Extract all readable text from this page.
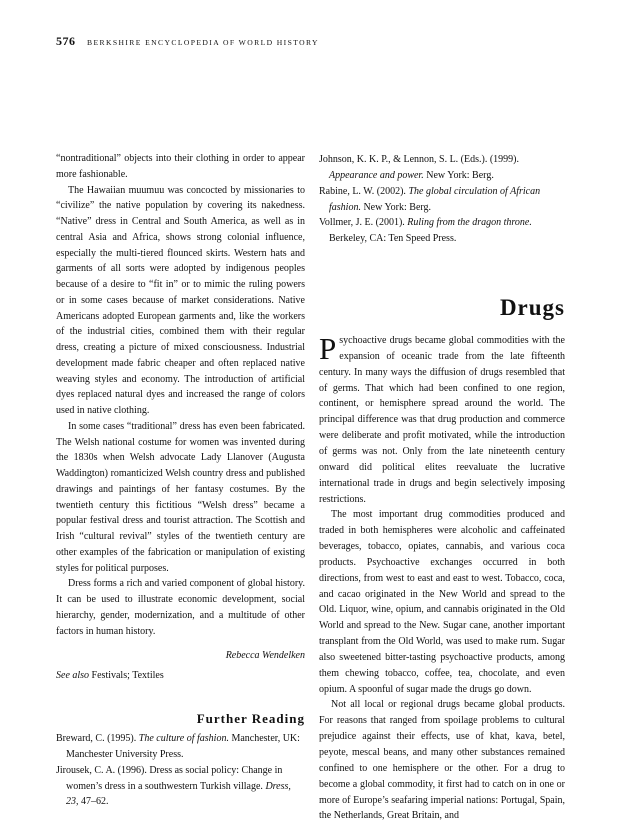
576 BERKSHIRE ENCYCLOPEDIA OF WORLD HISTORY

“nontraditional” objects into their clothing in order to appear more fashionable.

The Hawaiian muumuu was concocted by missionaries to “civilize” the native population by covering its nakedness. “Native” dress in Central and South America, as well as in central Asia and Africa, shows strong colonial influence, especially the multi-tiered flounced skirts. Western hats and garments of all sorts were adopted by indigenous peoples because of a desire to “fit in” or to mimic the ruling powers or in some cases because of market considerations. Native Americans adopted European garments and, like the workers of the industrial cities, combined them with their regular dress, creating a picture of mixed consciousness. Industrial development made fabric cheaper and often replaced native weaving styles and economy. The introduction of artificial dyes replaced natural dyes and increased the range of colors used in native clothing.

In some cases “traditional” dress has even been fabricated. The Welsh national costume for women was invented during the 1830s when Welsh advocate Lady Llanover (Augusta Waddington) romanticized Welsh country dress and published drawings and paintings of her fantasy costumes. By the twentieth century this fictitious “Welsh dress” became a popular festival dress and tourist attraction. The Scottish and Irish “cultural revival” styles of the twentieth century are other examples of the fabrication or manipulation of existing styles for political purposes.

Dress forms a rich and varied component of global history. It can be used to illustrate economic development, social hierarchy, gender, modernization, and a multitude of other factors in human history.

Rebecca Wendelken
See also Festivals; Textiles
Further Reading

Breward, C. (1995). The culture of fashion. Manchester, UK: Manchester University Press.

Jirousek, C. A. (1996). Dress as social policy: Change in women’s dress in a southwestern Turkish village. Dress, 23, 47–62.

Johnson, K. K. P., & Lennon, S. L. (Eds.). (1999). Appearance and power. New York: Berg.

Rabine, L. W. (2002). The global circulation of African fashion. New York: Berg.

Vollmer, J. E. (2001). Ruling from the dragon throne. Berkeley, CA: Ten Speed Press.

Drugs

Psychoactive drugs became global commodities with the expansion of oceanic trade from the late fifteenth century. In many ways the diffusion of drugs resembled that of germs. That which had been confined to one region, continent, or hemisphere spread around the world. The principal difference was that drug production and commerce were deliberate and profit motivated, while the introduction of germs was not. Only from the late nineteenth century onward did political elites reevaluate the lucrative international trade in drugs and begin selectively imposing restrictions.

The most important drug commodities produced and traded in both hemispheres were alcoholic and caffeinated beverages, tobacco, opiates, cannabis, and various coca products. Psychoactive exchanges occurred in both directions, from west to east and east to west. Tobacco, coca, and cacao originated in the New World and spread to the Old. Liquor, wine, opium, and cannabis originated in the Old World and spread to the New. Sugar cane, another important transplant from the Old World, was used to make rum. Sugar also sweetened bitter-tasting psychoactive products, among them chewing tobacco, coffee, tea, chocolate, and even opium. A spoonful of sugar made the drugs go down.

Not all local or regional drugs became global products. For reasons that ranged from spoilage problems to cultural prejudice against their effects, use of khat, kava, betel, peyote, mescal beans, and many other substances remained confined to one hemisphere or the other. For a drug to become a global commodity, it first had to catch on in one or more of Europe’s seafaring imperial nations: Portugal, Spain, the Netherlands, Great Britain, and
